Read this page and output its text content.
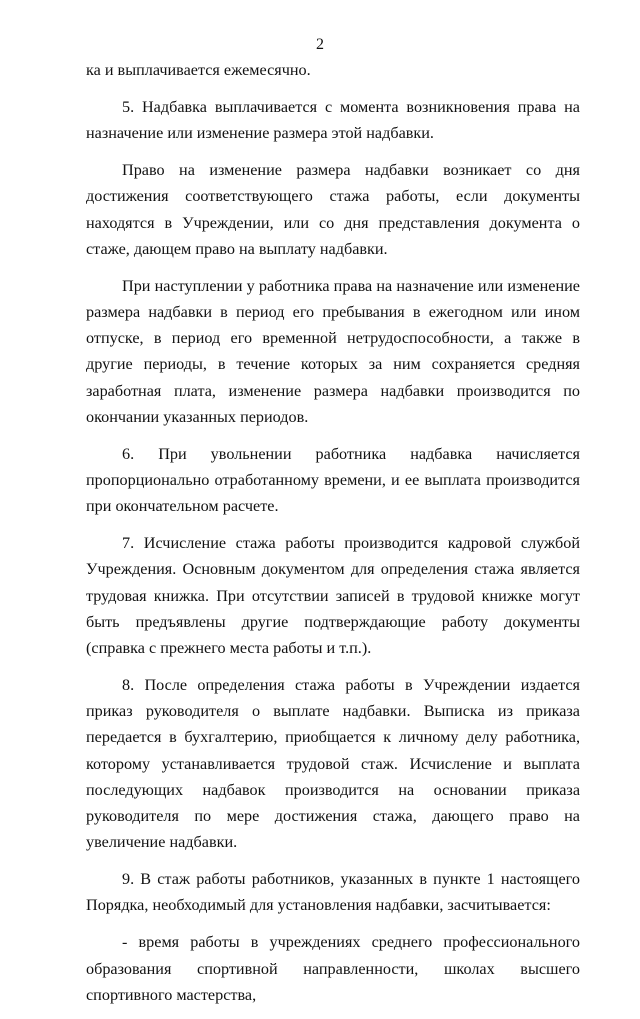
2

ка и выплачивается ежемесячно.

5. Надбавка выплачивается с момента возникновения права на назначение или изменение размера этой надбавки.

Право на изменение размера надбавки возникает со дня достижения соответствующего стажа работы, если документы находятся в Учреждении, или со дня представления документа о стаже, дающем право на выплату надбавки.

При наступлении у работника права на назначение или изменение размера надбавки в период его пребывания в ежегодном или ином отпуске, в период его временной нетрудоспособности, а также в другие периоды, в течение которых за ним сохраняется средняя заработная плата, изменение размера надбавки производится по окончании указанных периодов.

6. При увольнении работника надбавка начисляется пропорционально отработанному времени, и ее выплата производится при окончательном расчете.

7. Исчисление стажа работы производится кадровой службой Учреждения. Основным документом для определения стажа является трудовая книжка. При отсутствии записей в трудовой книжке могут быть предъявлены другие подтверждающие работу документы (справка с прежнего места работы и т.п.).

8. После определения стажа работы в Учреждении издается приказ руководителя о выплате надбавки. Выписка из приказа передается в бухгалтерию, приобщается к личному делу работника, которому устанавливается трудовой стаж. Исчисление и выплата последующих надбавок производится на основании приказа руководителя по мере достижения стажа, дающего право на увеличение надбавки.

9. В стаж работы работников, указанных в пункте 1 настоящего Порядка, необходимый для установления надбавки, засчитывается:

- время работы в учреждениях среднего профессионального образования спортивной направленности, школах высшего спортивного мастерства,
